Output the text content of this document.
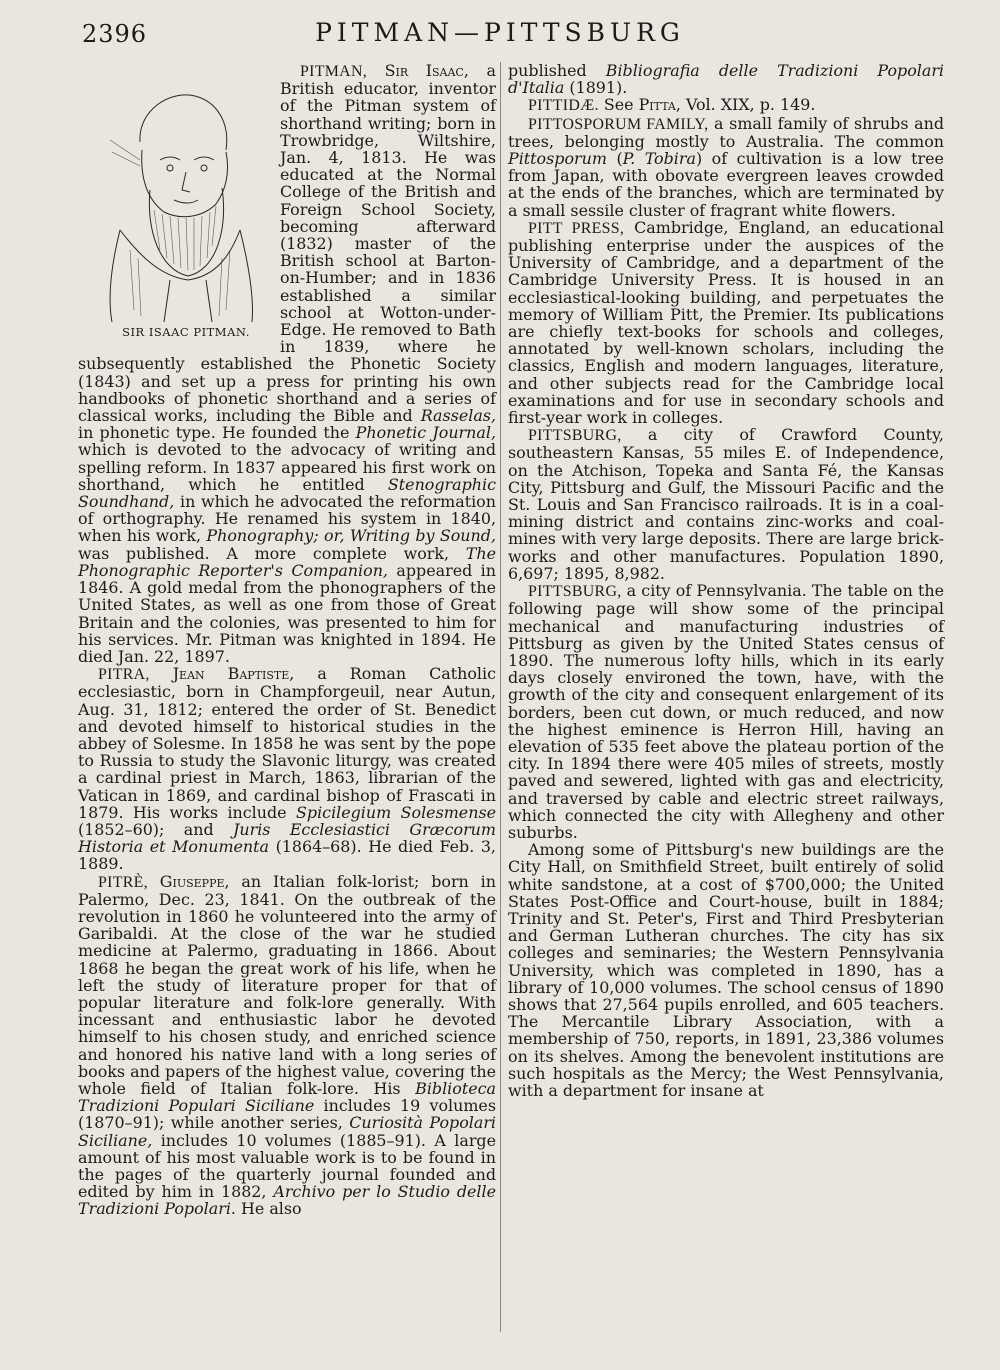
2396	PITMAN—PITTSBURG

SIR ISAAC PITMAN.
PITMAN, Sir Isaac, a British educator, inventor of the Pitman system of shorthand writing; born in Trowbridge, Wiltshire, Jan. 4, 1813. He was educated at the Normal College of the British and Foreign School Society, becoming afterward (1832) master of the British school at Barton-on-Humber; and in 1836 established a similar school at Wotton-under-Edge. He removed to Bath in 1839, where he subsequently established the Phonetic Society (1843) and set up a press for printing his own handbooks of phonetic shorthand and a series of classical works, including the Bible and Rasselas, in phonetic type. He founded the Phonetic Journal, which is devoted to the advocacy of writing and spelling reform. In 1837 appeared his first work on shorthand, which he entitled Stenographic Soundhand, in which he advocated the reformation of orthography. He renamed his system in 1840, when his work, Phonography; or, Writing by Sound, was published. A more complete work, The Phonographic Reporter's Companion, appeared in 1846. A gold medal from the phonographers of the United States, as well as one from those of Great Britain and the colonies, was presented to him for his services. Mr. Pitman was knighted in 1894. He died Jan. 22, 1897.

PITRA, Jean Baptiste, a Roman Catholic ecclesiastic, born in Champforgeuil, near Autun, Aug. 31, 1812; entered the order of St. Benedict and devoted himself to historical studies in the abbey of Solesme. In 1858 he was sent by the pope to Russia to study the Slavonic liturgy, was created a cardinal priest in March, 1863, librarian of the Vatican in 1869, and cardinal bishop of Frascati in 1879. His works include Spicilegium Solesmense (1852–60); and Juris Ecclesiastici Græcorum Historia et Monumenta (1864–68). He died Feb. 3, 1889.

PITRÈ, Giuseppe, an Italian folk-lorist; born in Palermo, Dec. 23, 1841. On the outbreak of the revolution in 1860 he volunteered into the army of Garibaldi. At the close of the war he studied medicine at Palermo, graduating in 1866. About 1868 he began the great work of his life, when he left the study of literature proper for that of popular literature and folk-lore generally. With incessant and enthusiastic labor he devoted himself to his chosen study, and enriched science and honored his native land with a long series of books and papers of the highest value, covering the whole field of Italian folk-lore. His Biblioteca Tradizioni Populari Siciliane includes 19 volumes (1870–91); while another series, Curiosità Popolari Siciliane, includes 10 volumes (1885–91). A large amount of his most valuable work is to be found in the pages of the quarterly journal founded and edited by him in 1882, Archivo per lo Studio delle Tradizioni Popolari. He also

published Bibliografia delle Tradizioni Popolari d'Italia (1891).

PITTIDÆ. See Pitta, Vol. XIX, p. 149.

PITTOSPORUM FAMILY, a small family of shrubs and trees, belonging mostly to Australia. The common Pittosporum (P. Tobira) of cultivation is a low tree from Japan, with obovate evergreen leaves crowded at the ends of the branches, which are terminated by a small sessile cluster of fragrant white flowers.

PITT PRESS, Cambridge, England, an educational publishing enterprise under the auspices of the University of Cambridge, and a department of the Cambridge University Press. It is housed in an ecclesiastical-looking building, and perpetuates the memory of William Pitt, the Premier. Its publications are chiefly text-books for schools and colleges, annotated by well-known scholars, including the classics, English and modern languages, literature, and other subjects read for the Cambridge local examinations and for use in secondary schools and first-year work in colleges.

PITTSBURG, a city of Crawford County, southeastern Kansas, 55 miles E. of Independence, on the Atchison, Topeka and Santa Fé, the Kansas City, Pittsburg and Gulf, the Missouri Pacific and the St. Louis and San Francisco railroads. It is in a coal-mining district and contains zinc-works and coal-mines with very large deposits. There are large brick-works and other manufactures. Population 1890, 6,697; 1895, 8,982.

PITTSBURG, a city of Pennsylvania. The table on the following page will show some of the principal mechanical and manufacturing industries of Pittsburg as given by the United States census of 1890. The numerous lofty hills, which in its early days closely environed the town, have, with the growth of the city and consequent enlargement of its borders, been cut down, or much reduced, and now the highest eminence is Herron Hill, having an elevation of 535 feet above the plateau portion of the city. In 1894 there were 405 miles of streets, mostly paved and sewered, lighted with gas and electricity, and traversed by cable and electric street railways, which connected the city with Allegheny and other suburbs.

Among some of Pittsburg's new buildings are the City Hall, on Smithfield Street, built entirely of solid white sandstone, at a cost of $700,000; the United States Post-Office and Court-house, built in 1884; Trinity and St. Peter's, First and Third Presbyterian and German Lutheran churches. The city has six colleges and seminaries; the Western Pennsylvania University, which was completed in 1890, has a library of 10,000 volumes. The school census of 1890 shows that 27,564 pupils enrolled, and 605 teachers. The Mercantile Library Association, with a membership of 750, reports, in 1891, 23,386 volumes on its shelves. Among the benevolent institutions are such hospitals as the Mercy; the West Pennsylvania, with a department for insane at
